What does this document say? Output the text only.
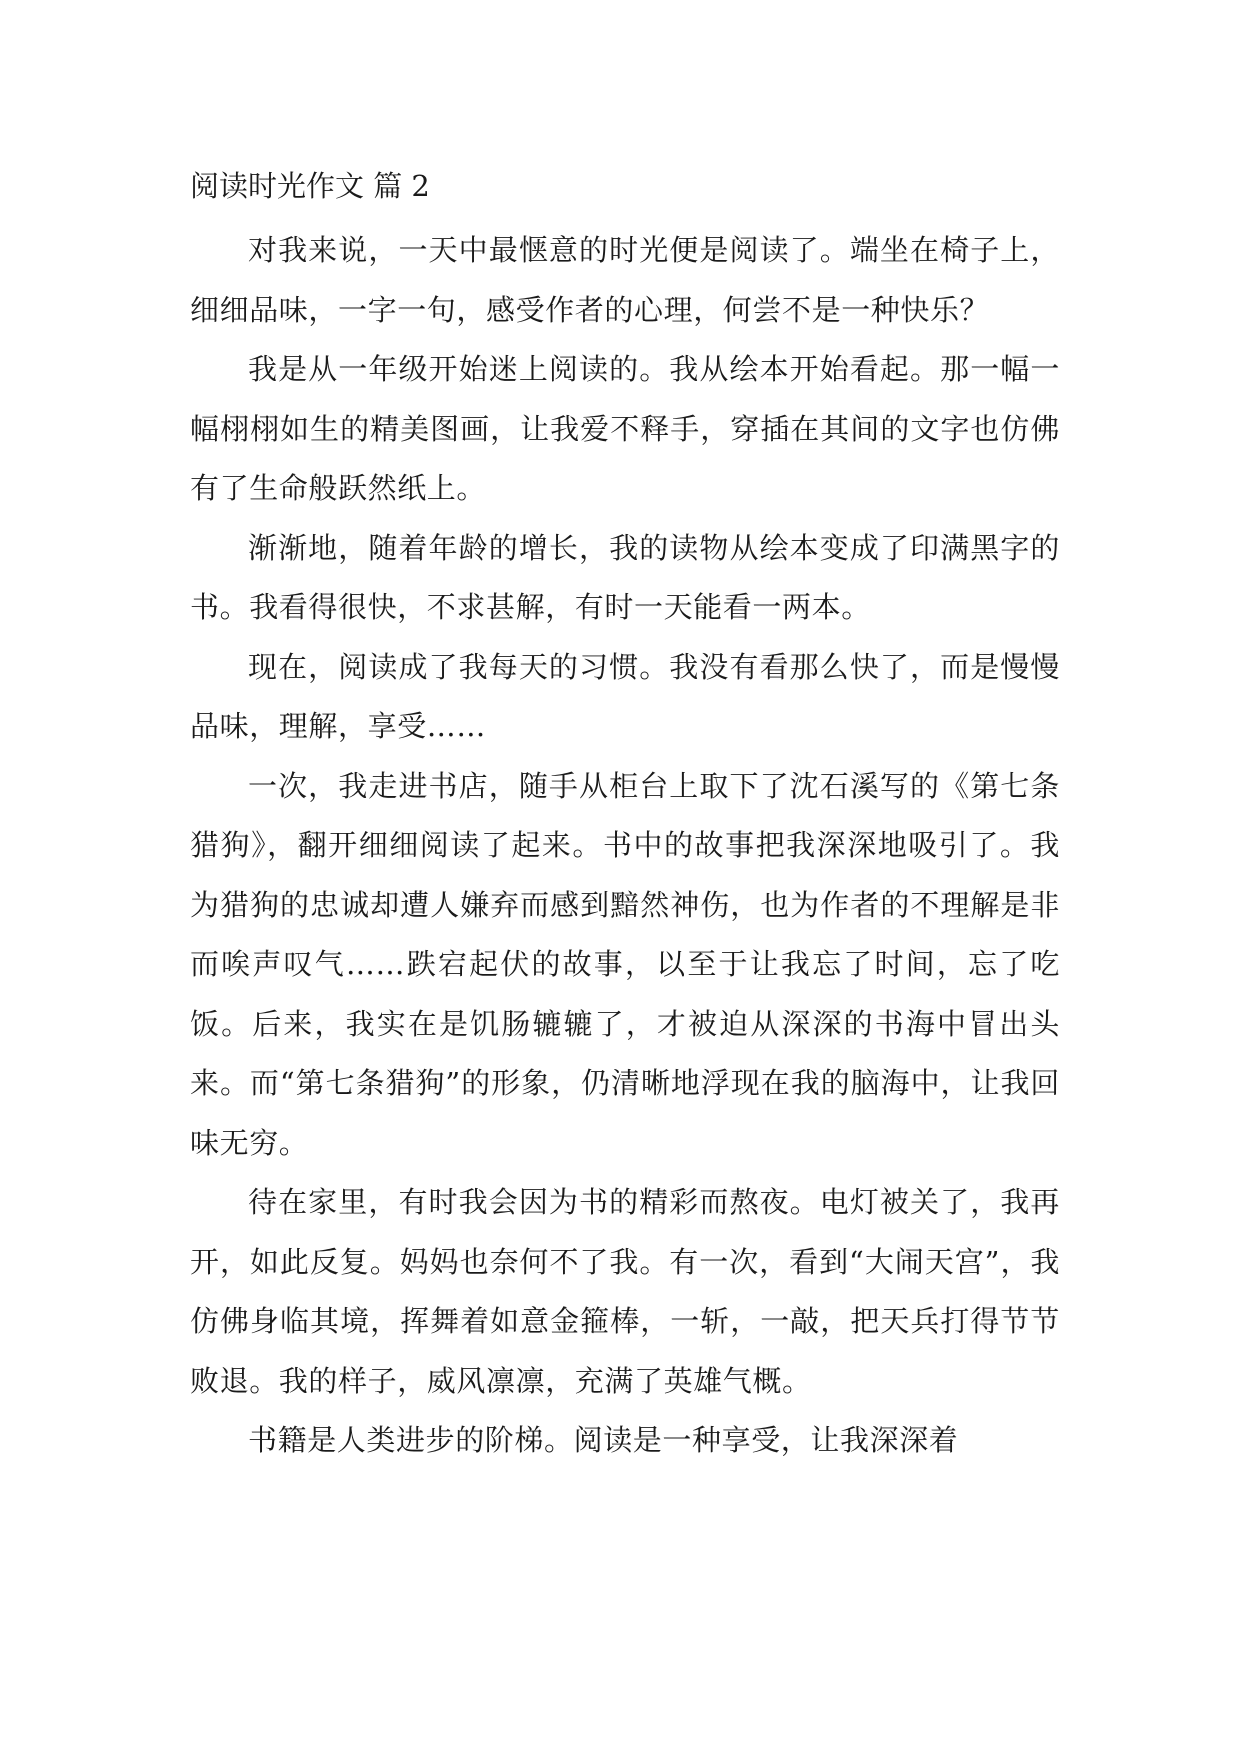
阅读时光作文 篇 2

对我来说，一天中最惬意的时光便是阅读了。端坐在椅子上，细细品味，一字一句，感受作者的心理，何尝不是一种快乐？

我是从一年级开始迷上阅读的。我从绘本开始看起。那一幅一幅栩栩如生的精美图画，让我爱不释手，穿插在其间的文字也仿佛有了生命般跃然纸上。

渐渐地，随着年龄的增长，我的读物从绘本变成了印满黑字的书。我看得很快，不求甚解，有时一天能看一两本。

现在，阅读成了我每天的习惯。我没有看那么快了，而是慢慢品味，理解，享受……

一次，我走进书店，随手从柜台上取下了沈石溪写的《第七条猎狗》，翻开细细阅读了起来。书中的故事把我深深地吸引了。我为猎狗的忠诚却遭人嫌弃而感到黯然神伤，也为作者的不理解是非而唉声叹气……跌宕起伏的故事，以至于让我忘了时间，忘了吃饭。后来，我实在是饥肠辘辘了，才被迫从深深的书海中冒出头来。而“第七条猎狗”的形象，仍清晰地浮现在我的脑海中，让我回味无穷。

待在家里，有时我会因为书的精彩而熬夜。电灯被关了，我再开，如此反复。妈妈也奈何不了我。有一次，看到“大闹天宫”，我仿佛身临其境，挥舞着如意金箍棒，一斩，一敲，把天兵打得节节败退。我的样子，威风凛凛，充满了英雄气概。

书籍是人类进步的阶梯。阅读是一种享受，让我深深着
